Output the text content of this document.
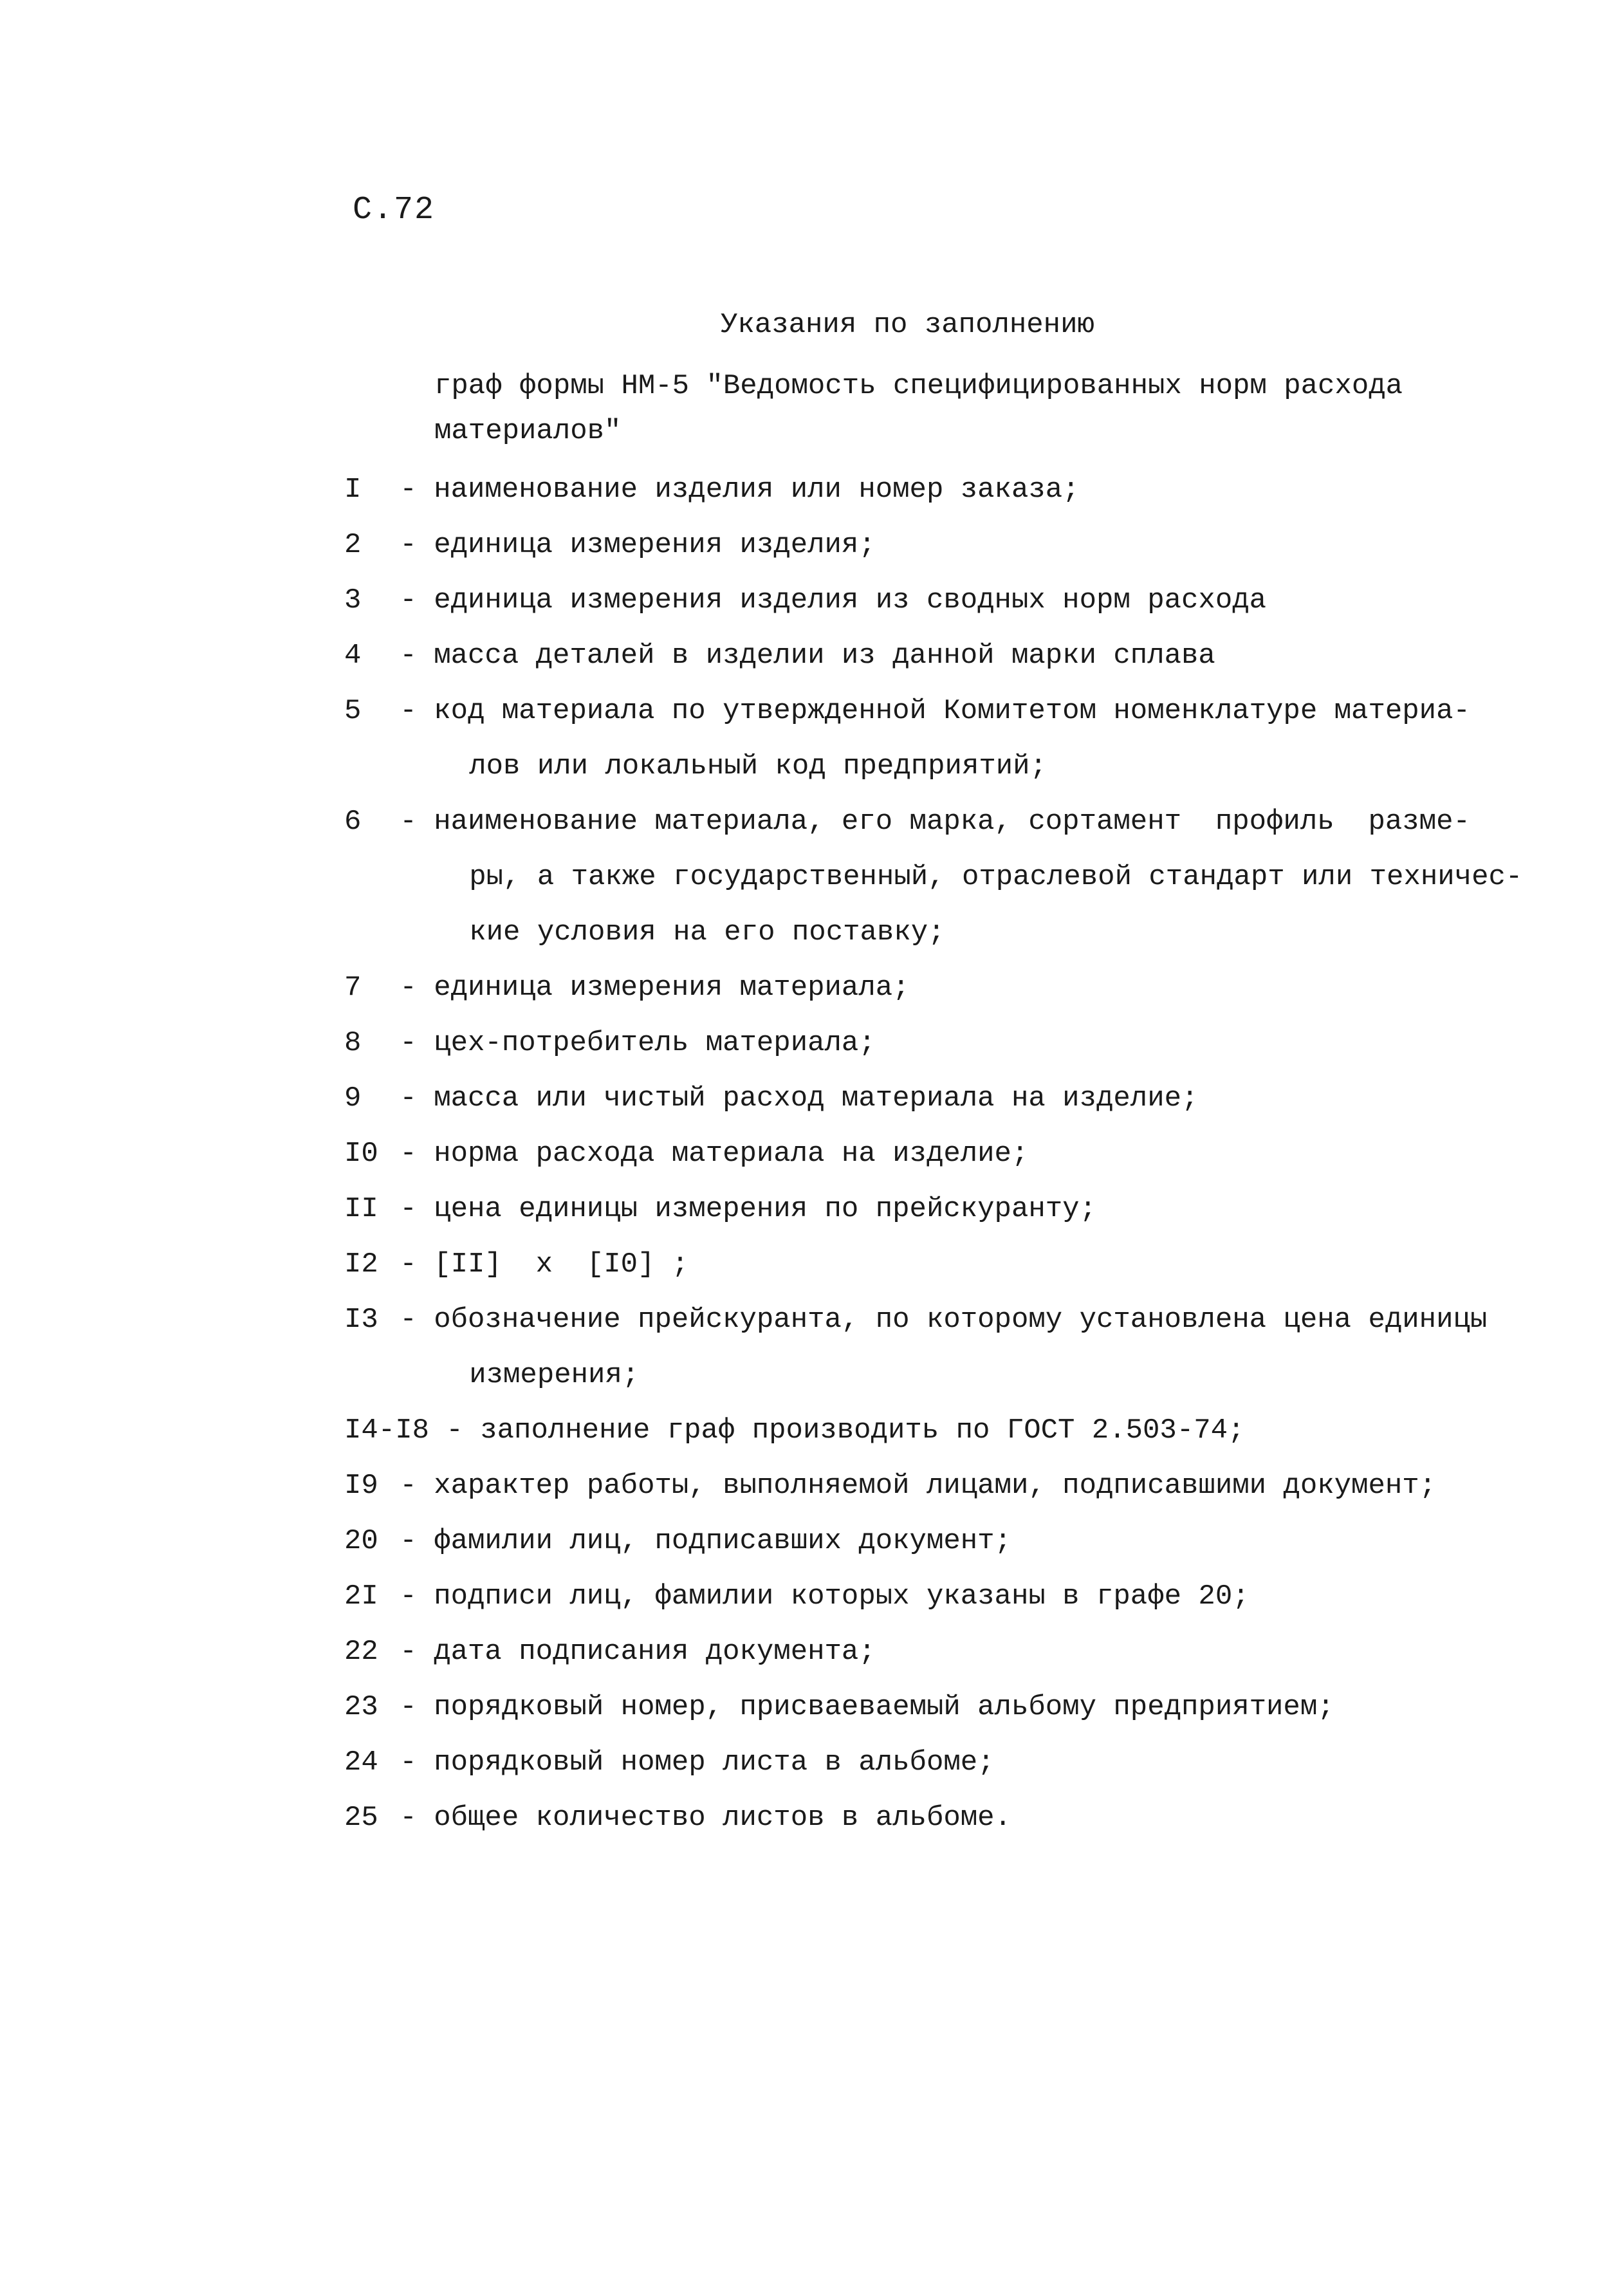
С.72
Указания по заполнению
граф формы НМ-5 "Ведомость специфицированных норм расхода материалов"
I - наименование изделия или номер заказа;
2 - единица измерения изделия;
3 - единица измерения изделия из сводных норм расхода
4 - масса деталей в изделии из данной марки сплава
5 - код материала по утвержденной Комитетом номенклатуре материа-
лов или локальный код предприятий;
6 - наименование материала, его марка, сортамент  профиль  разме-
ры, а также государственный, отраслевой стандарт или техничес-
кие условия на его поставку;
7 - единица измерения материала;
8 - цех-потребитель материала;
9 - масса или чистый расход материала на изделие;
I0 - норма расхода материала на изделие;
II - цена единицы измерения по прейскуранту;
I2 - [II]  x  [I0] ;
I3 - обозначение прейскуранта, по которому установлена цена единицы
измерения;
I4-I8 - заполнение граф производить по ГОСТ 2.503-74;
I9 - характер работы, выполняемой лицами, подписавшими документ;
20 - фамилии лиц, подписавших документ;
2I - подписи лиц, фамилии которых указаны в графе 20;
22 - дата подписания документа;
23 - порядковый номер, присваеваемый альбому предприятием;
24 - порядковый номер листа в альбоме;
25 - общее количество листов в альбоме.
